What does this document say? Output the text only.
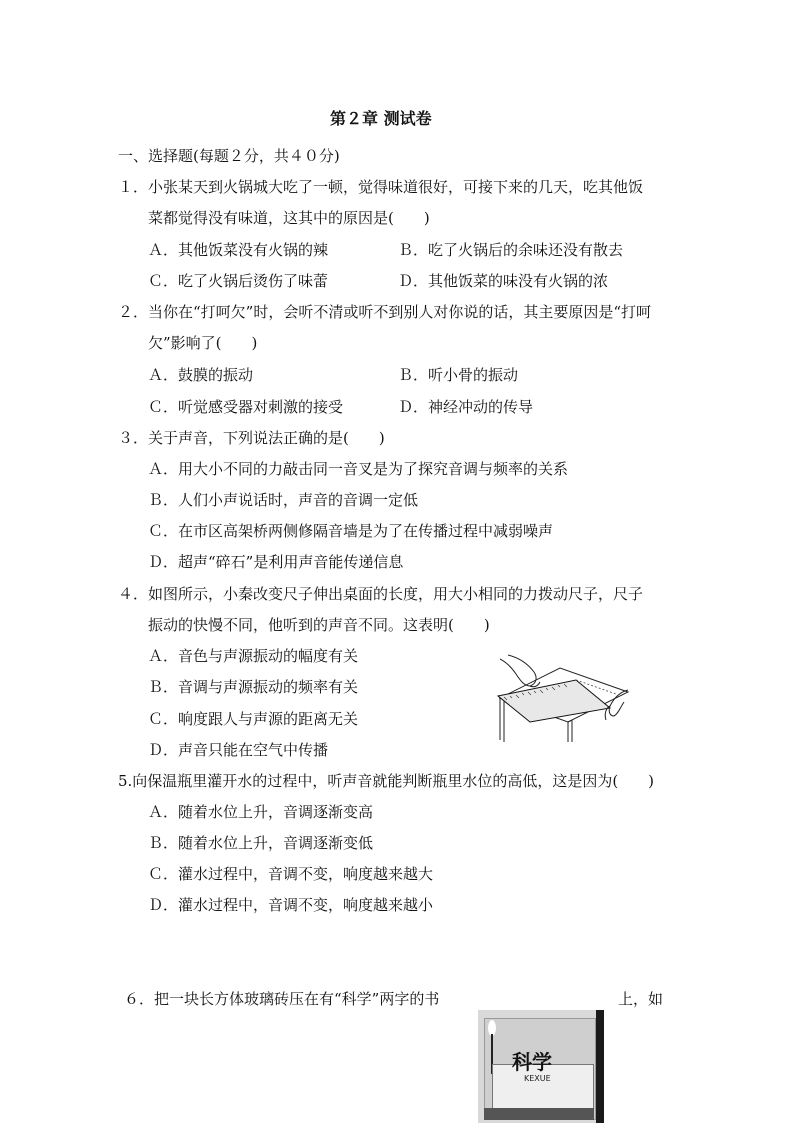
第２章 测试卷
一、选择题(每题２分，共４０分)
１．小张某天到火锅城大吃了一顿，觉得味道很好，可接下来的几天，吃其他饭
菜都觉得没有味道，这其中的原因是(　　)
Ａ．其他饭菜没有火锅的辣	Ｂ．吃了火锅后的余味还没有散去
Ｃ．吃了火锅后烫伤了味蕾	Ｄ．其他饭菜的味没有火锅的浓
２．当你在“打呵欠”时，会听不清或听不到别人对你说的话，其主要原因是“打呵
欠”影响了(　　)
Ａ．鼓膜的振动	Ｂ．听小骨的振动
Ｃ．听觉感受器对刺激的接受	Ｄ．神经冲动的传导
３．关于声音，下列说法正确的是(　　)
Ａ．用大小不同的力敲击同一音叉是为了探究音调与频率的关系
Ｂ．人们小声说话时，声音的音调一定低
Ｃ．在市区高架桥两侧修隔音墙是为了在传播过程中减弱噪声
Ｄ．超声“碎石”是利用声音能传递信息
４．如图所示，小秦改变尺子伸出桌面的长度，用大小相同的力拨动尺子，尺子
振动的快慢不同，他听到的声音不同。这表明(　　)
Ａ．音色与声源振动的幅度有关
Ｂ．音调与声源振动的频率有关
Ｃ．响度跟人与声源的距离无关
Ｄ．声音只能在空气中传播
5.向保温瓶里灌开水的过程中，听声音就能判断瓶里水位的高低，这是因为(　　)
Ａ．随着水位上升，音调逐渐变高
Ｂ．随着水位上升，音调逐渐变低
Ｃ．灌水过程中，音调不变，响度越来越大
Ｄ．灌水过程中，音调不变，响度越来越小
６．把一块长方体玻璃砖压在有“科学”两字的书	上，如
科学
KEXUE
